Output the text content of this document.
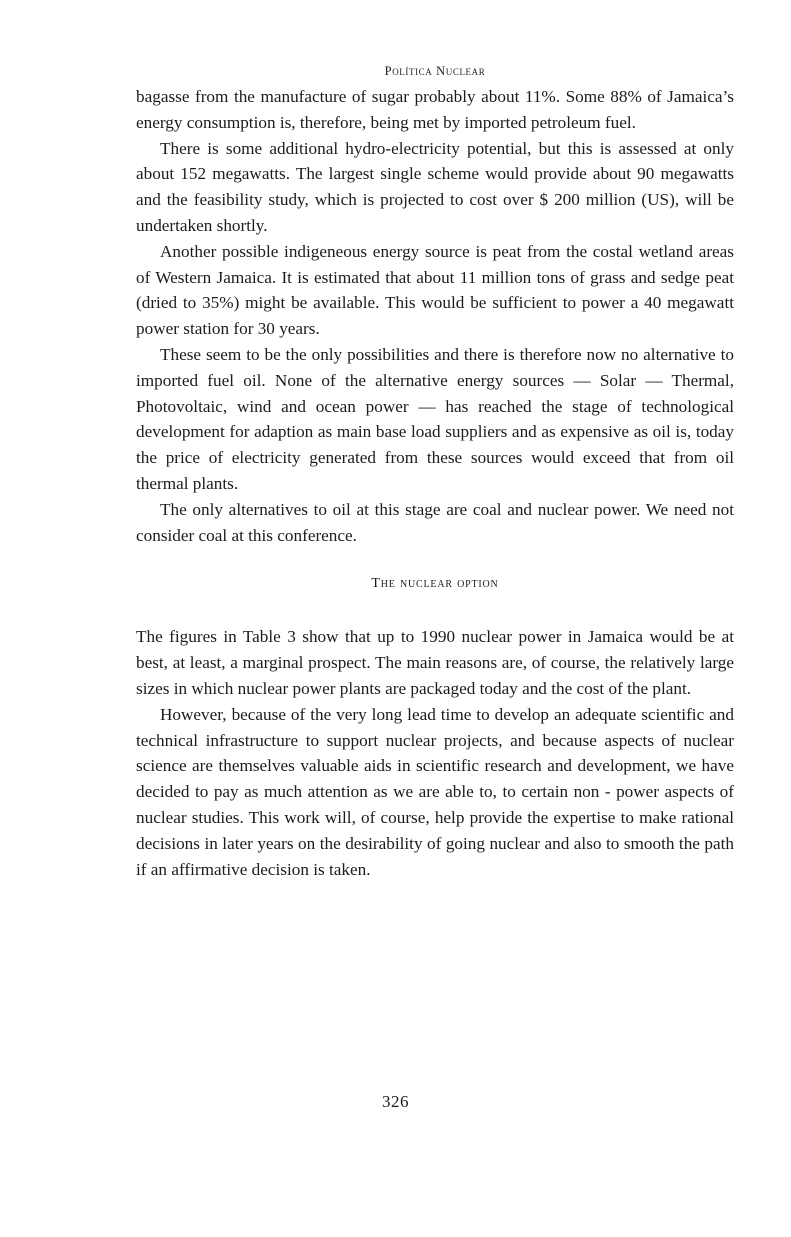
Política Nuclear

bagasse from the manufacture of sugar probably about 11%. Some 88% of Jamaica’s energy consumption is, therefore, being met by imported petroleum fuel.

There is some additional hydro-electricity potential, but this is assessed at only about 152 megawatts. The largest single scheme would provide about 90 megawatts and the feasibility study, which is projected to cost over $ 200 million (US), will be undertaken shortly.

Another possible indigeneous energy source is peat from the costal wetland areas of Western Jamaica. It is estimated that about 11 million tons of grass and sedge peat (dried to 35%) might be available. This would be sufficient to power a 40 megawatt power station for 30 years.

These seem to be the only possibilities and there is therefore now no alternative to imported fuel oil. None of the alternative energy sources — Solar — Thermal, Photovoltaic, wind and ocean power — has reached the stage of technological development for adaption as main base load suppliers and as expensive as oil is, today the price of electricity generated from these sources would exceed that from oil thermal plants.

The only alternatives to oil at this stage are coal and nuclear power. We need not consider coal at this conference.

The nuclear option

The figures in Table 3 show that up to 1990 nuclear power in Jamaica would be at best, at least, a marginal prospect. The main reasons are, of course, the relatively large sizes in which nuclear power plants are packaged today and the cost of the plant.

However, because of the very long lead time to develop an adequate scientific and technical infrastructure to support nuclear projects, and because aspects of nuclear science are themselves valuable aids in scientific research and development, we have decided to pay as much attention as we are able to, to certain non - power aspects of nuclear studies. This work will, of course, help provide the expertise to make rational decisions in later years on the desirability of going nuclear and also to smooth the path if an affirmative decision is taken.

326
